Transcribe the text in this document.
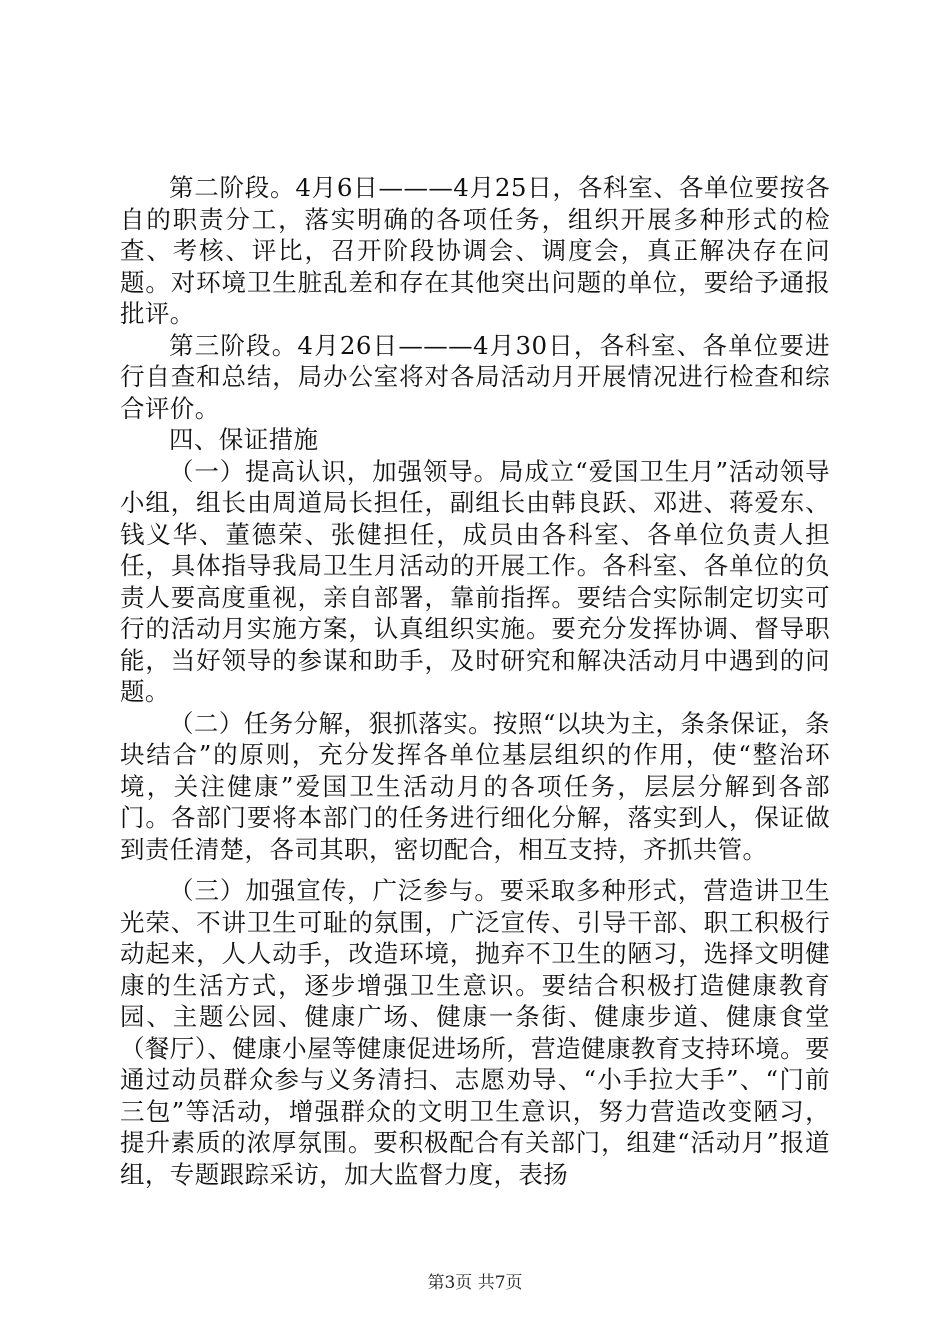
第二阶段。4月6日———4月25日，各科室、各单位要按各自的职责分工，落实明确的各项任务，组织开展多种形式的检查、考核、评比，召开阶段协调会、调度会，真正解决存在问题。对环境卫生脏乱差和存在其他突出问题的单位，要给予通报批评。

第三阶段。4月26日———4月30日，各科室、各单位要进行自查和总结，局办公室将对各局活动月开展情况进行检查和综合评价。

四、保证措施

（一）提高认识，加强领导。局成立“爱国卫生月”活动领导小组，组长由周道局长担任，副组长由韩良跃、邓进、蒋爱东、钱义华、董德荣、张健担任，成员由各科室、各单位负责人担任，具体指导我局卫生月活动的开展工作。各科室、各单位的负责人要高度重视，亲自部署，靠前指挥。要结合实际制定切实可行的活动月实施方案，认真组织实施。要充分发挥协调、督导职能，当好领导的参谋和助手，及时研究和解决活动月中遇到的问题。

（二）任务分解，狠抓落实。按照“以块为主，条条保证，条块结合”的原则，充分发挥各单位基层组织的作用，使“整治环境，关注健康”爱国卫生活动月的各项任务，层层分解到各部门。各部门要将本部门的任务进行细化分解，落实到人，保证做到责任清楚，各司其职，密切配合，相互支持，齐抓共管。

（三）加强宣传，广泛参与。要采取多种形式，营造讲卫生光荣、不讲卫生可耻的氛围，广泛宣传、引导干部、职工积极行动起来，人人动手，改造环境，抛弃不卫生的陋习，选择文明健康的生活方式，逐步增强卫生意识。要结合积极打造健康教育园、主题公园、健康广场、健康一条街、健康步道、健康食堂（餐厅）、健康小屋等健康促进场所，营造健康教育支持环境。要通过动员群众参与义务清扫、志愿劝导、“小手拉大手”、“门前三包”等活动，增强群众的文明卫生意识，努力营造改变陋习，提升素质的浓厚氛围。要积极配合有关部门，组建“活动月”报道组，专题跟踪采访，加大监督力度，表扬

第3页 共7页
